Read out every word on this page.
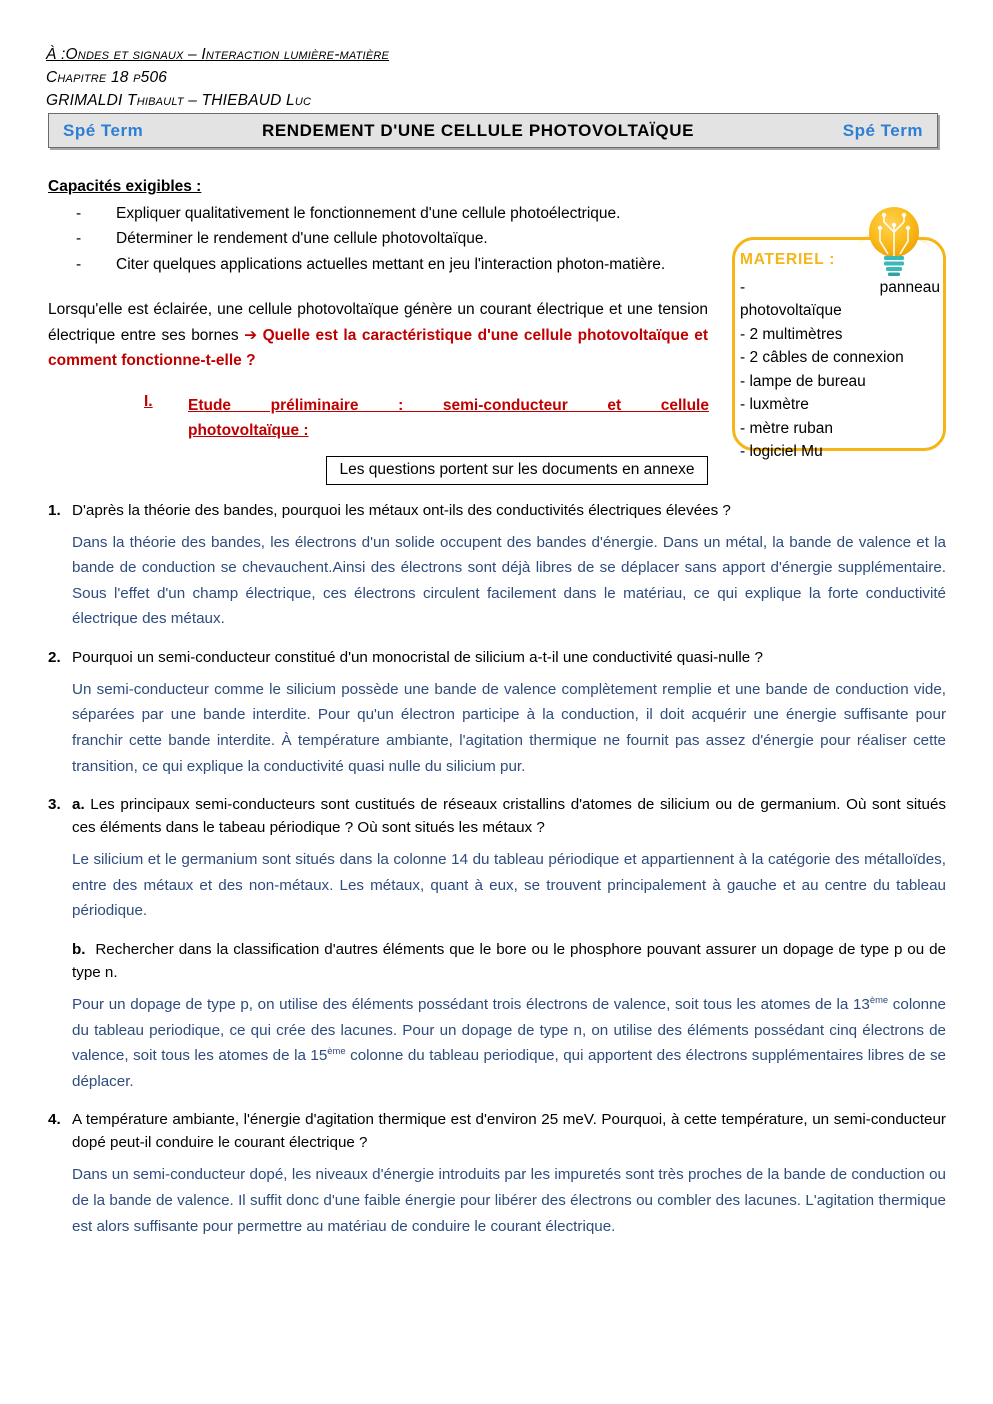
À :Ondes et signaux – Interaction lumière-matière
Chapitre 18 p506
GRIMALDI Thibault – THIEBAUD Luc
Spé Term	RENDEMENT D'UNE CELLULE PHOTOVOLTAÏQUE	Spé Term
MATERIEL :
-	panneau
photovoltaïque
- 2 multimètres
- 2 câbles de connexion
- lampe de bureau
- luxmètre
- mètre ruban
- logiciel Mu
Capacités exigibles :
- Expliquer qualitativement le fonctionnement d'une cellule photoélectrique.
- Déterminer le rendement d'une cellule photovoltaïque.
- Citer quelques applications actuelles mettant en jeu l'interaction photon-matière.
Lorsqu'elle est éclairée, une cellule photovoltaïque génère un courant électrique et une tension électrique entre ses bornes ➔ Quelle est la caractéristique d'une cellule photovoltaïque et comment fonctionne-t-elle ?
I.	Etude préliminaire : semi-conducteur et cellule
photovoltaïque :
Les questions portent sur les documents en annexe
1. D'après la théorie des bandes, pourquoi les métaux ont-ils des conductivités électriques élevées ?
Dans la théorie des bandes, les électrons d'un solide occupent des bandes d'énergie. Dans un métal, la bande de valence et la bande de conduction se chevauchent.Ainsi des électrons sont déjà libres de se déplacer sans apport d'énergie supplémentaire. Sous l'effet d'un champ électrique, ces électrons circulent facilement dans le matériau, ce qui explique la forte conductivité électrique des métaux.
2. Pourquoi un semi-conducteur constitué d'un monocristal de silicium a-t-il une conductivité quasi-nulle ?
Un semi-conducteur comme le silicium possède une bande de valence complètement remplie et une bande de conduction vide, séparées par une bande interdite. Pour qu'un électron participe à la conduction, il doit acquérir une énergie suffisante pour franchir cette bande interdite. À température ambiante, l'agitation thermique ne fournit pas assez d'énergie pour réaliser cette transition, ce qui explique la conductivité quasi nulle du silicium pur.
3. a. Les principaux semi-conducteurs sont custitués de réseaux cristallins d'atomes de silicium ou de germanium. Où sont situés ces éléments dans le tabeau périodique ? Où sont situés les métaux ?
Le silicium et le germanium sont situés dans la colonne 14 du tableau périodique et appartiennent à la catégorie des métalloïdes, entre des métaux et des non-métaux. Les métaux, quant à eux, se trouvent principalement à gauche et au centre du tableau périodique.
b. Rechercher dans la classification d'autres éléments que le bore ou le phosphore pouvant assurer un dopage de type p ou de type n.
Pour un dopage de type p, on utilise des éléments possédant trois électrons de valence, soit tous les atomes de la 13ème colonne du tableau periodique, ce qui crée des lacunes. Pour un dopage de type n, on utilise des éléments possédant cinq électrons de valence, soit tous les atomes de la 15ème colonne du tableau periodique, qui apportent des électrons supplémentaires libres de se déplacer.
4. A température ambiante, l'énergie d'agitation thermique est d'environ 25 meV. Pourquoi, à cette température, un semi-conducteur dopé peut-il conduire le courant électrique ?
Dans un semi-conducteur dopé, les niveaux d'énergie introduits par les impuretés sont très proches de la bande de conduction ou de la bande de valence. Il suffit donc d'une faible énergie pour libérer des électrons ou combler des lacunes. L'agitation thermique est alors suffisante pour permettre au matériau de conduire le courant électrique.
